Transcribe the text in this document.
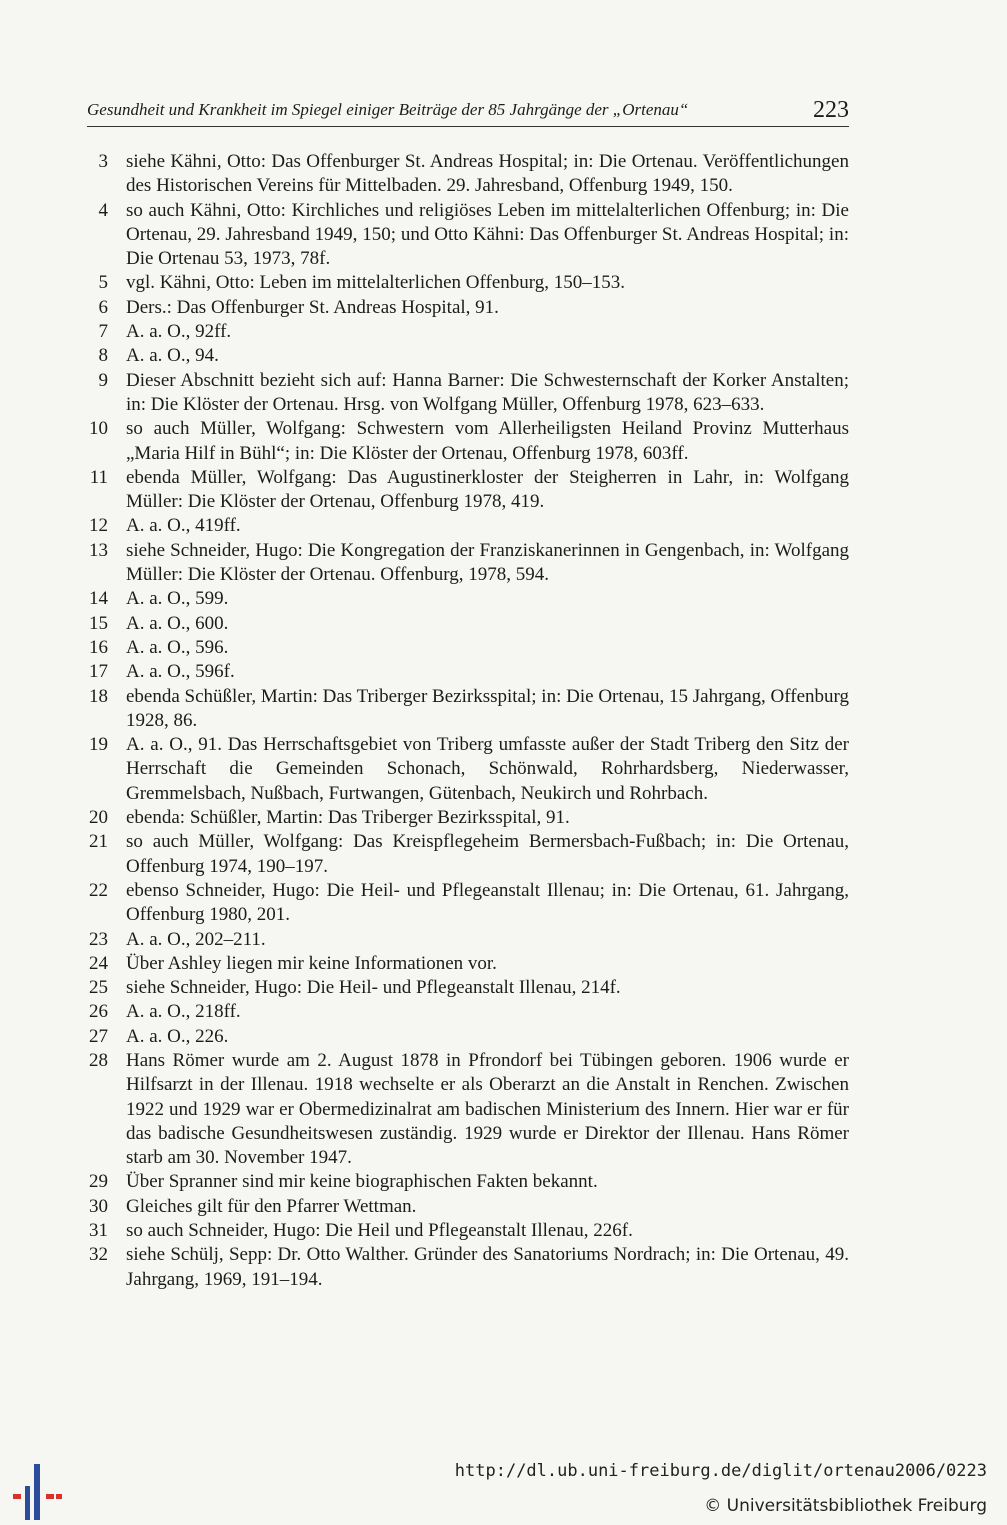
Gesundheit und Krankheit im Spiegel einiger Beiträge der 85 Jahrgänge der „Ortenau“	223
3 siehe Kähni, Otto: Das Offenburger St. Andreas Hospital; in: Die Ortenau. Veröffentlichungen des Historischen Vereins für Mittelbaden. 29. Jahresband, Offenburg 1949, 150.
4 so auch Kähni, Otto: Kirchliches und religiöses Leben im mittelalterlichen Offenburg; in: Die Ortenau, 29. Jahresband 1949, 150; und Otto Kähni: Das Offenburger St. Andreas Hospital; in: Die Ortenau 53, 1973, 78f.
5 vgl. Kähni, Otto: Leben im mittelalterlichen Offenburg, 150–153.
6 Ders.: Das Offenburger St. Andreas Hospital, 91.
7 A. a. O., 92ff.
8 A. a. O., 94.
9 Dieser Abschnitt bezieht sich auf: Hanna Barner: Die Schwesternschaft der Korker Anstalten; in: Die Klöster der Ortenau. Hrsg. von Wolfgang Müller, Offenburg 1978, 623–633.
10 so auch Müller, Wolfgang: Schwestern vom Allerheiligsten Heiland Provinz Mutterhaus „Maria Hilf in Bühl“; in: Die Klöster der Ortenau, Offenburg 1978, 603ff.
11 ebenda Müller, Wolfgang: Das Augustinerkloster der Steigherren in Lahr, in: Wolfgang Müller: Die Klöster der Ortenau, Offenburg 1978, 419.
12 A. a. O., 419ff.
13 siehe Schneider, Hugo: Die Kongregation der Franziskanerinnen in Gengenbach, in: Wolfgang Müller: Die Klöster der Ortenau. Offenburg, 1978, 594.
14 A. a. O., 599.
15 A. a. O., 600.
16 A. a. O., 596.
17 A. a. O., 596f.
18 ebenda Schüßler, Martin: Das Triberger Bezirksspital; in: Die Ortenau, 15 Jahrgang, Offenburg 1928, 86.
19 A. a. O., 91. Das Herrschaftsgebiet von Triberg umfasste außer der Stadt Triberg den Sitz der Herrschaft die Gemeinden Schonach, Schönwald, Rohrhardsberg, Niederwasser, Gremmelsbach, Nußbach, Furtwangen, Gütenbach, Neukirch und Rohrbach.
20 ebenda: Schüßler, Martin: Das Triberger Bezirksspital, 91.
21 so auch Müller, Wolfgang: Das Kreispflegeheim Bermersbach-Fußbach; in: Die Ortenau, Offenburg 1974, 190–197.
22 ebenso Schneider, Hugo: Die Heil- und Pflegeanstalt Illenau; in: Die Ortenau, 61. Jahrgang, Offenburg 1980, 201.
23 A. a. O., 202–211.
24 Über Ashley liegen mir keine Informationen vor.
25 siehe Schneider, Hugo: Die Heil- und Pflegeanstalt Illenau, 214f.
26 A. a. O., 218ff.
27 A. a. O., 226.
28 Hans Römer wurde am 2. August 1878 in Pfrondorf bei Tübingen geboren. 1906 wurde er Hilfsarzt in der Illenau. 1918 wechselte er als Oberarzt an die Anstalt in Renchen. Zwischen 1922 und 1929 war er Obermedizinalrat am badischen Ministerium des Innern. Hier war er für das badische Gesundheitswesen zuständig. 1929 wurde er Direktor der Illenau. Hans Römer starb am 30. November 1947.
29 Über Spranner sind mir keine biographischen Fakten bekannt.
30 Gleiches gilt für den Pfarrer Wettman.
31 so auch Schneider, Hugo: Die Heil und Pflegeanstalt Illenau, 226f.
32 siehe Schülj, Sepp: Dr. Otto Walther. Gründer des Sanatoriums Nordrach; in: Die Ortenau, 49. Jahrgang, 1969, 191–194.
http://dl.ub.uni-freiburg.de/diglit/ortenau2006/0223
© Universitätsbibliothek Freiburg
